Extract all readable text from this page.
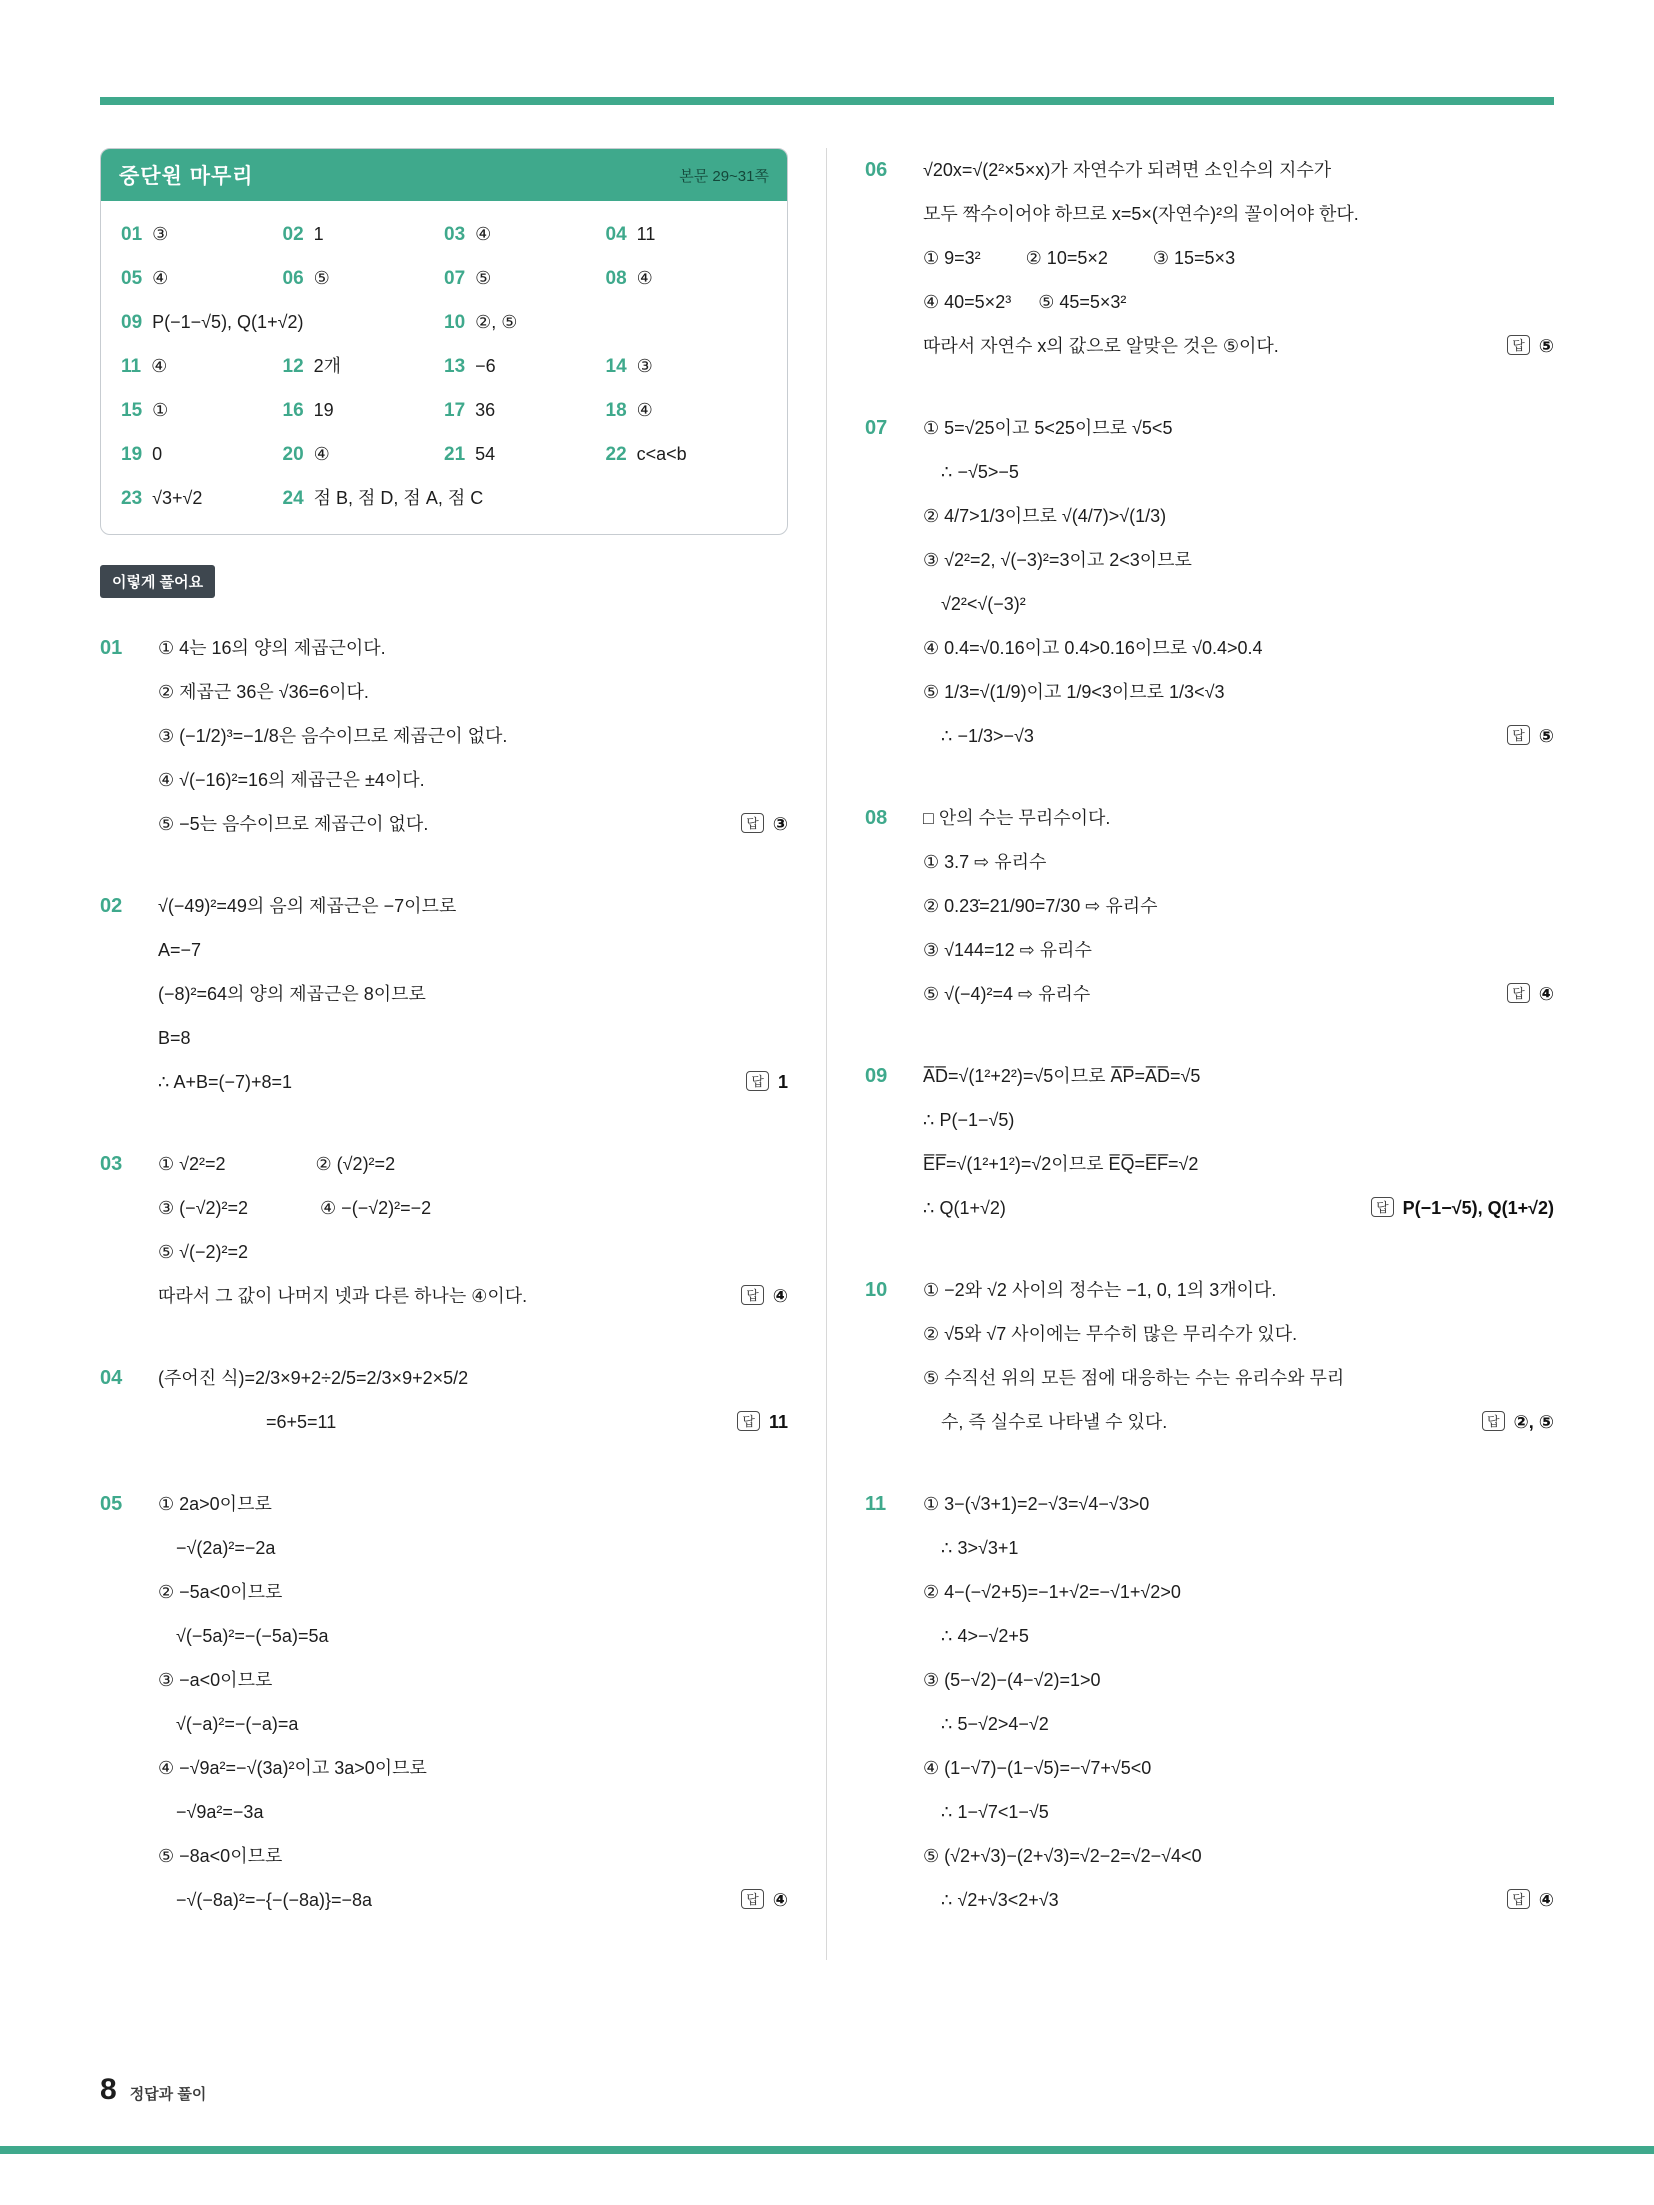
중단원 마무리	본문 29~31쪽
01 ③	02 1	03 ④	04 11
05 ④	06 ⑤	07 ⑤	08 ④
09 P(−1−√5), Q(1+√2)	10 ②, ⑤
11 ④	12 2개	13 −6	14 ③
15 ①	16 19	17 36	18 ④
19 0	20 ④	21 54	22 c<a<b
23 √3+√2	24 점 B, 점 D, 점 A, 점 C
이렇게 풀어요
01	① 4는 16의 양의 제곱근이다.
② 제곱근 36은 √36=6이다.
③ (−1/2)³=−1/8은 음수이므로 제곱근이 없다.
④ √(−16)²=16의 제곱근은 ±4이다.
⑤ −5는 음수이므로 제곱근이 없다.	답 ③
02	√(−49)²=49의 음의 제곱근은 −7이므로
A=−7
(−8)²=64의 양의 제곱근은 8이므로
B=8
∴ A+B=(−7)+8=1	답 1
03	① √2²=2     ② (√2)²=2
③ (−√2)²=2    ④ −(−√2)²=−2
⑤ √(−2)²=2
따라서 그 값이 나머지 넷과 다른 하나는 ④이다.	답 ④
04	(주어진 식)=2/3×9+2÷2/5=2/3×9+2×5/2
      =6+5=11	답 11
05	① 2a>0이므로
  −√(2a)²=−2a
② −5a<0이므로
  √(−5a)²=−(−5a)=5a
③ −a<0이므로
  √(−a)²=−(−a)=a
④ −√9a²=−√(3a)²이고 3a>0이므로
  −√9a²=−3a
⑤ −8a<0이므로
  −√(−8a)²=−{−(−8a)}=−8a	답 ④
06	√20x=√(2²×5×x)가 자연수가 되려면 소인수의 지수가
모두 짝수이어야 하므로 x=5×(자연수)²의 꼴이어야 한다.
① 9=3²   ② 10=5×2   ③ 15=5×3
④ 40=5×2³  ⑤ 45=5×3²
따라서 자연수 x의 값으로 알맞은 것은 ⑤이다.	답 ⑤
07	① 5=√25이고 5<25이므로 √5<5
  ∴ −√5>−5
② 4/7>1/3이므로 √(4/7)>√(1/3)
③ √2²=2, √(−3)²=3이고 2<3이므로
  √2²<√(−3)²
④ 0.4=√0.16이고 0.4>0.16이므로 √0.4>0.4
⑤ 1/3=√(1/9)이고 1/9<3이므로 1/3<√3
  ∴ −1/3>−√3	답 ⑤
08	□ 안의 수는 무리수이다.
① 3.7 ⇨ 유리수
② 0.23̇=21/90=7/30 ⇨ 유리수
③ √144=12 ⇨ 유리수
⑤ √(−4)²=4 ⇨ 유리수	답 ④
09	A̅D̅=√(1²+2²)=√5이므로 A̅P̅=A̅D̅=√5
∴ P(−1−√5)
E̅F̅=√(1²+1²)=√2이므로 E̅Q̅=E̅F̅=√2
∴ Q(1+√2)	답 P(−1−√5), Q(1+√2)
10	① −2와 √2 사이의 정수는 −1, 0, 1의 3개이다.
② √5와 √7 사이에는 무수히 많은 무리수가 있다.
⑤ 수직선 위의 모든 점에 대응하는 수는 유리수와 무리
  수, 즉 실수로 나타낼 수 있다.	답 ②, ⑤
11	① 3−(√3+1)=2−√3=√4−√3>0
  ∴ 3>√3+1
② 4−(−√2+5)=−1+√2=−√1+√2>0
  ∴ 4>−√2+5
③ (5−√2)−(4−√2)=1>0
  ∴ 5−√2>4−√2
④ (1−√7)−(1−√5)=−√7+√5<0
  ∴ 1−√7<1−√5
⑤ (√2+√3)−(2+√3)=√2−2=√2−√4<0
  ∴ √2+√3<2+√3	답 ④
8 정답과 풀이
